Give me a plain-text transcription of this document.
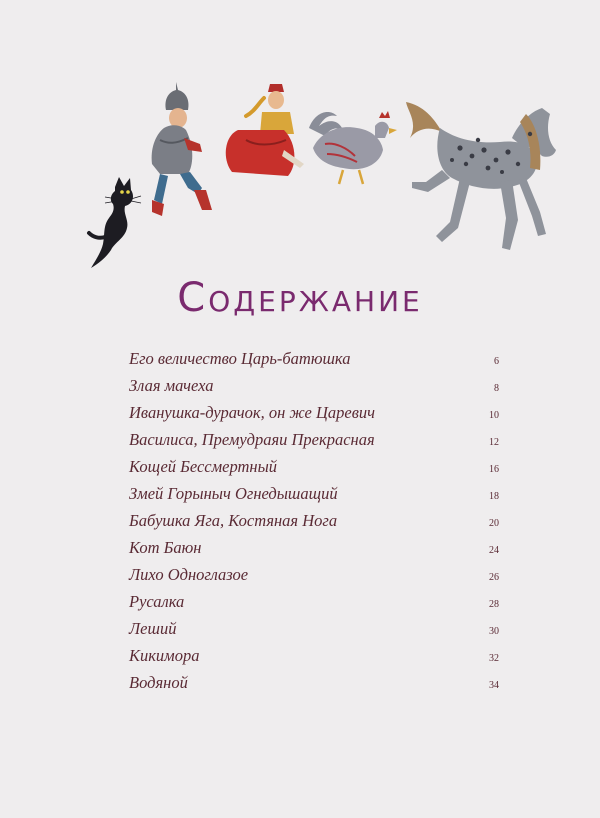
Содержание
Его величество Царь-батюшка	6
Злая мачеха	8
Иванушка-дурачок, он же Царевич	10
Василиса, Премудраяи Прекрасная	12
Кощей Бессмертный	16
Змей Горыныч Огнедышащий	18
Бабушка Яга, Костяная Нога	20
Кот Баюн	24
Лихо Одноглазое	26
Русалка	28
Леший	30
Кикимора	32
Водяной	34
